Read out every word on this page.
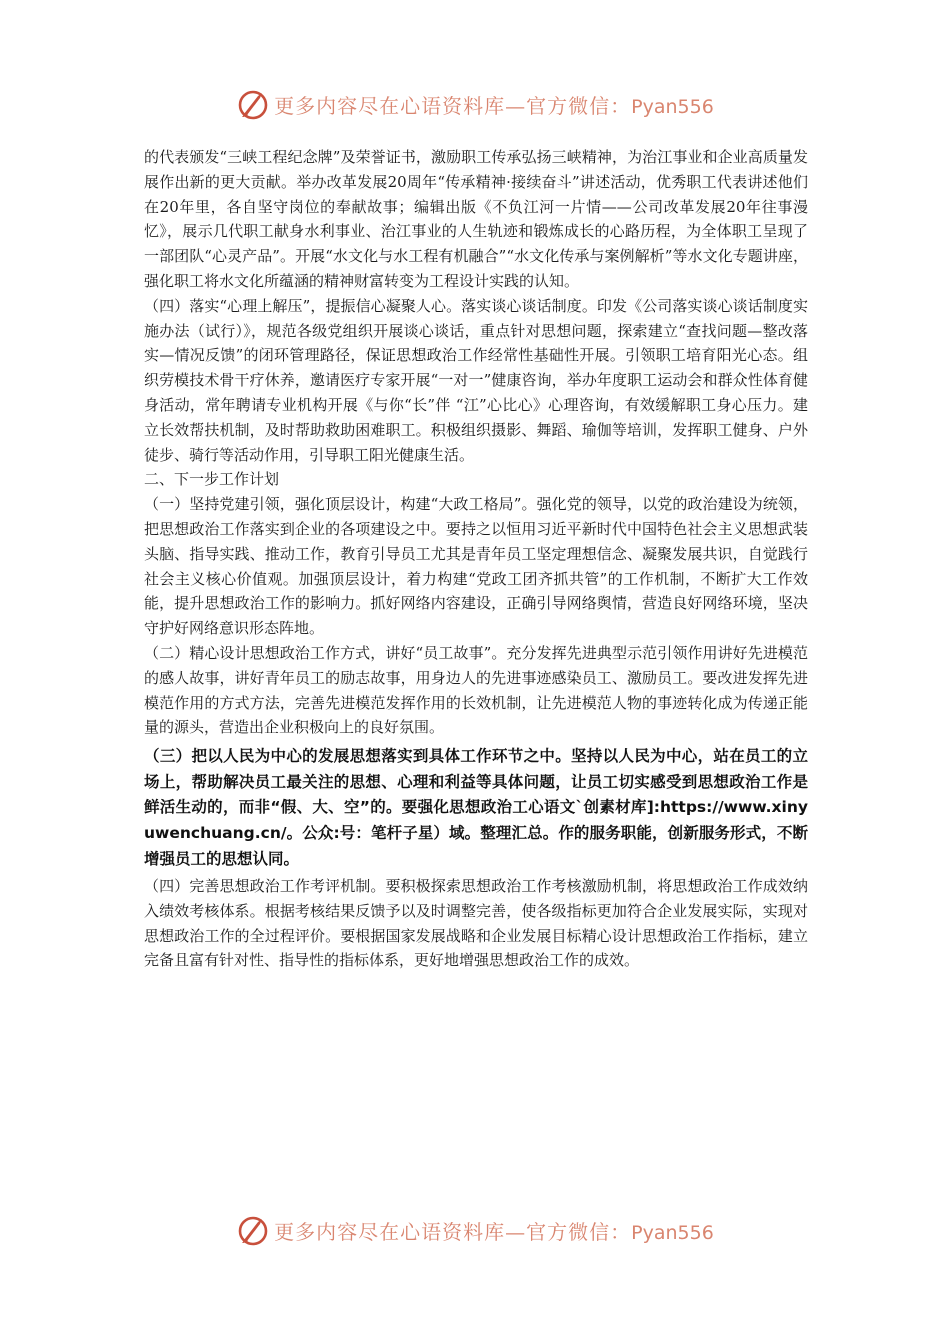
更多内容尽在心语资料库—官方微信：Pyan556

的代表颁发“三峡工程纪念牌”及荣誉证书，激励职工传承弘扬三峡精神，为治江事业和企业高质量发展作出新的更大贡献。举办改革发展20周年“传承精神·接续奋斗”讲述活动，优秀职工代表讲述他们在20年里，各自坚守岗位的奉献故事；编辑出版《不负江河一片情——公司改革发展20年往事漫忆》，展示几代职工献身水利事业、治江事业的人生轨迹和锻炼成长的心路历程，为全体职工呈现了一部团队“心灵产品”。开展“水文化与水工程有机融合”“水文化传承与案例解析”等水文化专题讲座，强化职工将水文化所蕴涵的精神财富转变为工程设计实践的认知。

（四）落实“心理上解压”，提振信心凝聚人心。落实谈心谈话制度。印发《公司落实谈心谈话制度实施办法（试行）》，规范各级党组织开展谈心谈话，重点针对思想问题，探索建立“查找问题—整改落实—情况反馈”的闭环管理路径，保证思想政治工作经常性基础性开展。引领职工培育阳光心态。组织劳模技术骨干疗休养，邀请医疗专家开展“一对一”健康咨询，举办年度职工运动会和群众性体育健身活动，常年聘请专业机构开展《与你“长”伴 “江”心比心》心理咨询，有效缓解职工身心压力。建立长效帮扶机制，及时帮助救助困难职工。积极组织摄影、舞蹈、瑜伽等培训，发挥职工健身、户外徒步、骑行等活动作用，引导职工阳光健康生活。

二、下一步工作计划

（一）坚持党建引领，强化顶层设计，构建“大政工格局”。强化党的领导，以党的政治建设为统领，把思想政治工作落实到企业的各项建设之中。要持之以恒用习近平新时代中国特色社会主义思想武装头脑、指导实践、推动工作，教育引导员工尤其是青年员工坚定理想信念、凝聚发展共识，自觉践行社会主义核心价值观。加强顶层设计，着力构建“党政工团齐抓共管”的工作机制，不断扩大工作效能，提升思想政治工作的影响力。抓好网络内容建设，正确引导网络舆情，营造良好网络环境，坚决守护好网络意识形态阵地。

（二）精心设计思想政治工作方式，讲好“员工故事”。充分发挥先进典型示范引领作用讲好先进模范的感人故事，讲好青年员工的励志故事，用身边人的先进事迹感染员工、激励员工。要改进发挥先进模范作用的方式方法，完善先进模范发挥作用的长效机制，让先进模范人物的事迹转化成为传递正能量的源头，营造出企业积极向上的良好氛围。

（三）把以人民为中心的发展思想落实到具体工作环节之中。坚持以人民为中心，站在员工的立场上，帮助解决员工最关注的思想、心理和利益等具体问题，让员工切实感受到思想政治工作是鲜活生动的，而非“假、大、空”的。要强化思想政治工心语文`创素材库]:https://www.xinyuwenchuang.cn/。公众:号：笔杆子星）域。整理汇总。作的服务职能，创新服务形式，不断增强员工的思想认同。

（四）完善思想政治工作考评机制。要积极探索思想政治工作考核激励机制，将思想政治工作成效纳入绩效考核体系。根据考核结果反馈予以及时调整完善，使各级指标更加符合企业发展实际，实现对思想政治工作的全过程评价。要根据国家发展战略和企业发展目标精心设计思想政治工作指标，建立完备且富有针对性、指导性的指标体系，更好地增强思想政治工作的成效。

更多内容尽在心语资料库—官方微信：Pyan556
